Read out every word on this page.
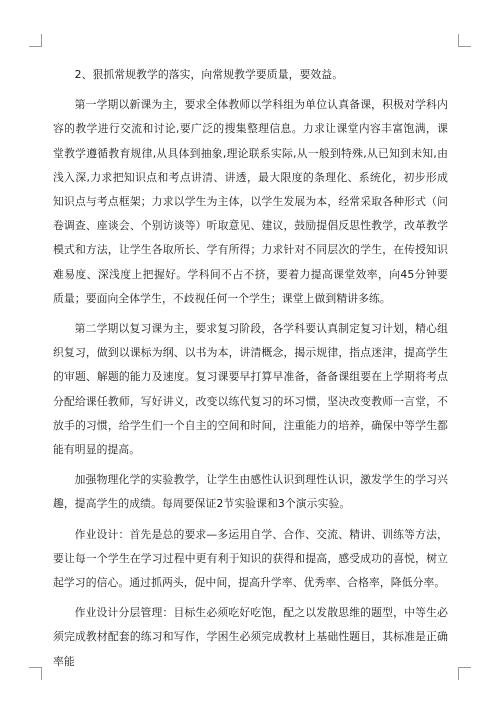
2、狠抓常规教学的落实，向常规教学要质量，要效益。

第一学期以新课为主，要求全体教师以学科组为单位认真备课，积极对学科内容的教学进行交流和讨论,要广泛的搜集整理信息。力求让课堂内容丰富饱满，课堂教学遵循教育规律,从具体到抽象,理论联系实际,从一般到特殊,从已知到未知,由浅入深,力求把知识点和考点讲清、讲透，最大限度的条理化、系统化，初步形成知识点与考点框架；力求以学生为主体，以学生发展为本，经常采取各种形式（问卷调查、座谈会、个别访谈等）听取意见、建议，鼓励提倡反思性教学，改革教学模式和方法，让学生各取所长、学有所得；力求针对不同层次的学生，在传授知识难易度、深浅度上把握好。学科间不占不挤，要着力提高课堂效率，向45分钟要质量；要面向全体学生，不歧视任何一个学生；课堂上做到精讲多练。

第二学期以复习课为主，要求复习阶段，各学科要认真制定复习计划，精心组织复习，做到以课标为纲、以书为本，讲清概念，揭示规律，指点迷津，提高学生的审题、解题的能力及速度。复习课要早打算早准备，备备课组要在上学期将考点分配给课任教师，写好讲义，改变以练代复习的坏习惯，坚决改变教师一言堂，不放手的习惯，给学生们一个自主的空间和时间，注重能力的培养，确保中等学生都能有明显的提高。

加强物理化学的实验教学，让学生由感性认识到理性认识，激发学生的学习兴趣，提高学生的成绩。每周要保证2节实验课和3个演示实验。

作业设计：首先是总的要求—多运用自学、合作、交流、精讲、训练等方法，要让每一个学生在学习过程中更有利于知识的获得和提高，感受成功的喜悦，树立起学习的信心。通过抓两头，促中间，提高升学率、优秀率、合格率，降低分率。

作业设计分层管理：目标生必须吃好吃饱，配之以发散思维的题型，中等生必须完成教材配套的练习和写作，学困生必须完成教材上基础性题目，其标准是正确率能
